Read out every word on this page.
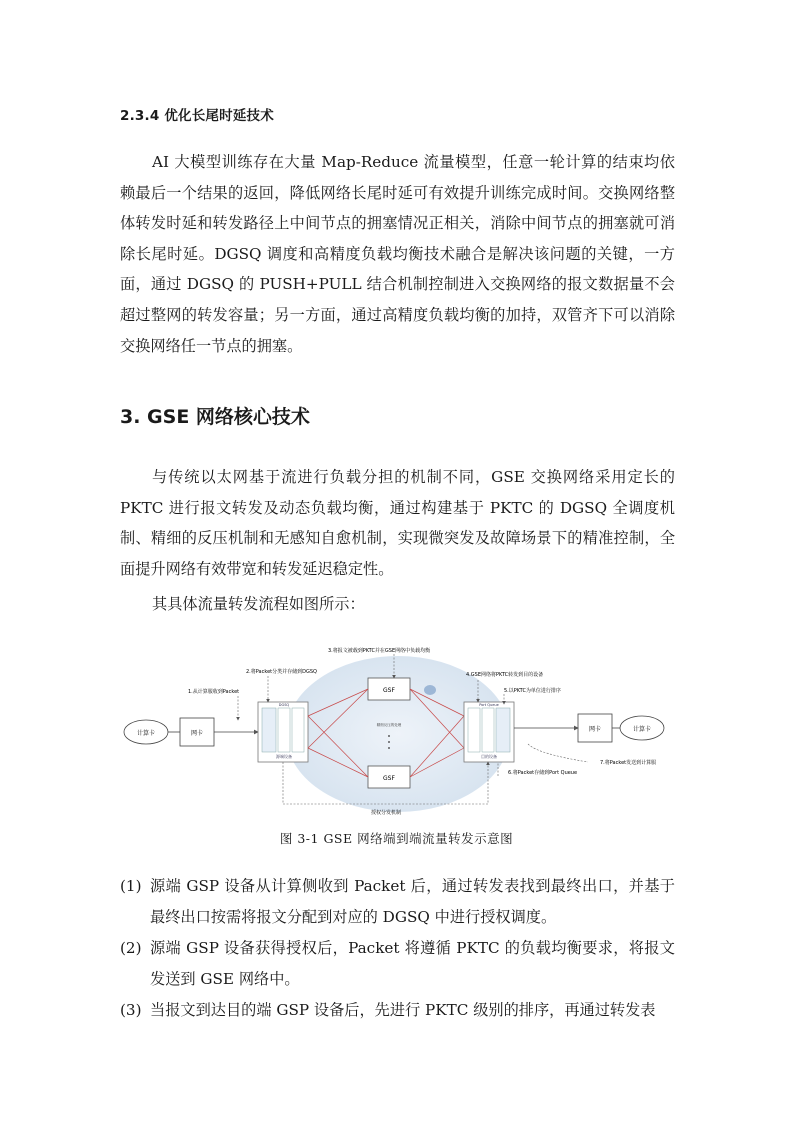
2.3.4 优化长尾时延技术

AI 大模型训练存在大量 Map-Reduce 流量模型，任意一轮计算的结束均依赖最后一个结果的返回，降低网络长尾时延可有效提升训练完成时间。交换网络整体转发时延和转发路径上中间节点的拥塞情况正相关，消除中间节点的拥塞就可消除长尾时延。DGSQ 调度和高精度负载均衡技术融合是解决该问题的关键，一方面，通过 DGSQ 的 PUSH+PULL 结合机制控制进入交换网络的报文数据量不会超过整网的转发容量；另一方面，通过高精度负载均衡的加持，双管齐下可以消除交换网络任一节点的拥塞。

3. GSE 网络核心技术

与传统以太网基于流进行负载分担的机制不同，GSE 交换网络采用定长的 PKTC 进行报文转发及动态负载均衡，通过构建基于 PKTC 的 DGSQ 全调度机制、精细的反压机制和无感知自愈机制，实现微突发及故障场景下的精准控制，全面提升网络有效带宽和转发延迟稳定性。

其具体流量转发流程如图所示：

计算卡	网卡
源端设备
DGSQ
GSF
GSF
精细反压的处理
目的设备
Port Queue
网卡	计算卡
1.从计算服收到Packet
2.将Packet分类并存储到DGSQ
3.将报文被载到PKTC并在GSE网络中负载均衡
4.GSE网络将PKTC转发到目的设备
5.以PKTC为单位进行排序
6.将Packet存储到Port Queue
7.将Packet发送到计算服
授权分发机制
图 3-1 GSE 网络端到端流量转发示意图
(1) 源端 GSP 设备从计算侧收到 Packet 后，通过转发表找到最终出口，并基于最终出口按需将报文分配到对应的 DGSQ 中进行授权调度。
(2) 源端 GSP 设备获得授权后，Packet 将遵循 PKTC 的负载均衡要求，将报文发送到 GSE 网络中。
(3) 当报文到达目的端 GSP 设备后，先进行 PKTC 级别的排序，再通过转发表
